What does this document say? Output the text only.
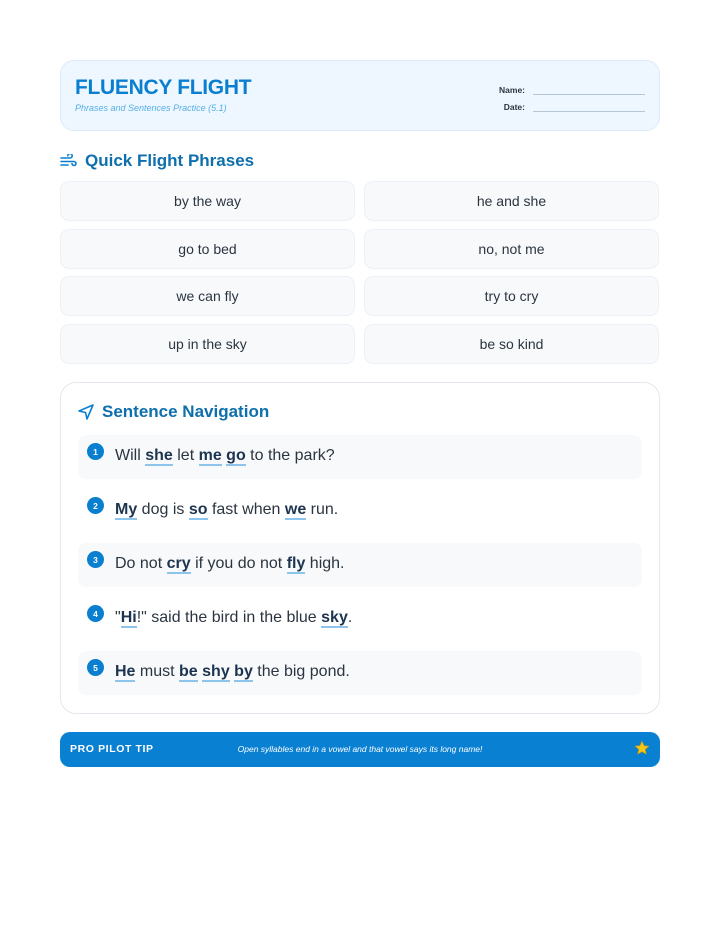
FLUENCY FLIGHT
Phrases and Sentences Practice (5.1)
Name:
Date:
Quick Flight Phrases
by the way	he and she
go to bed	no, not me
we can fly	try to cry
up in the sky	be so kind
Sentence Navigation
1	Will she let me go to the park?
2	My dog is so fast when we run.
3	Do not cry if you do not fly high.
4	"Hi!" said the bird in the blue sky.
5	He must be shy by the big pond.
PRO PILOT TIP	Open syllables end in a vowel and that vowel says its long name!
